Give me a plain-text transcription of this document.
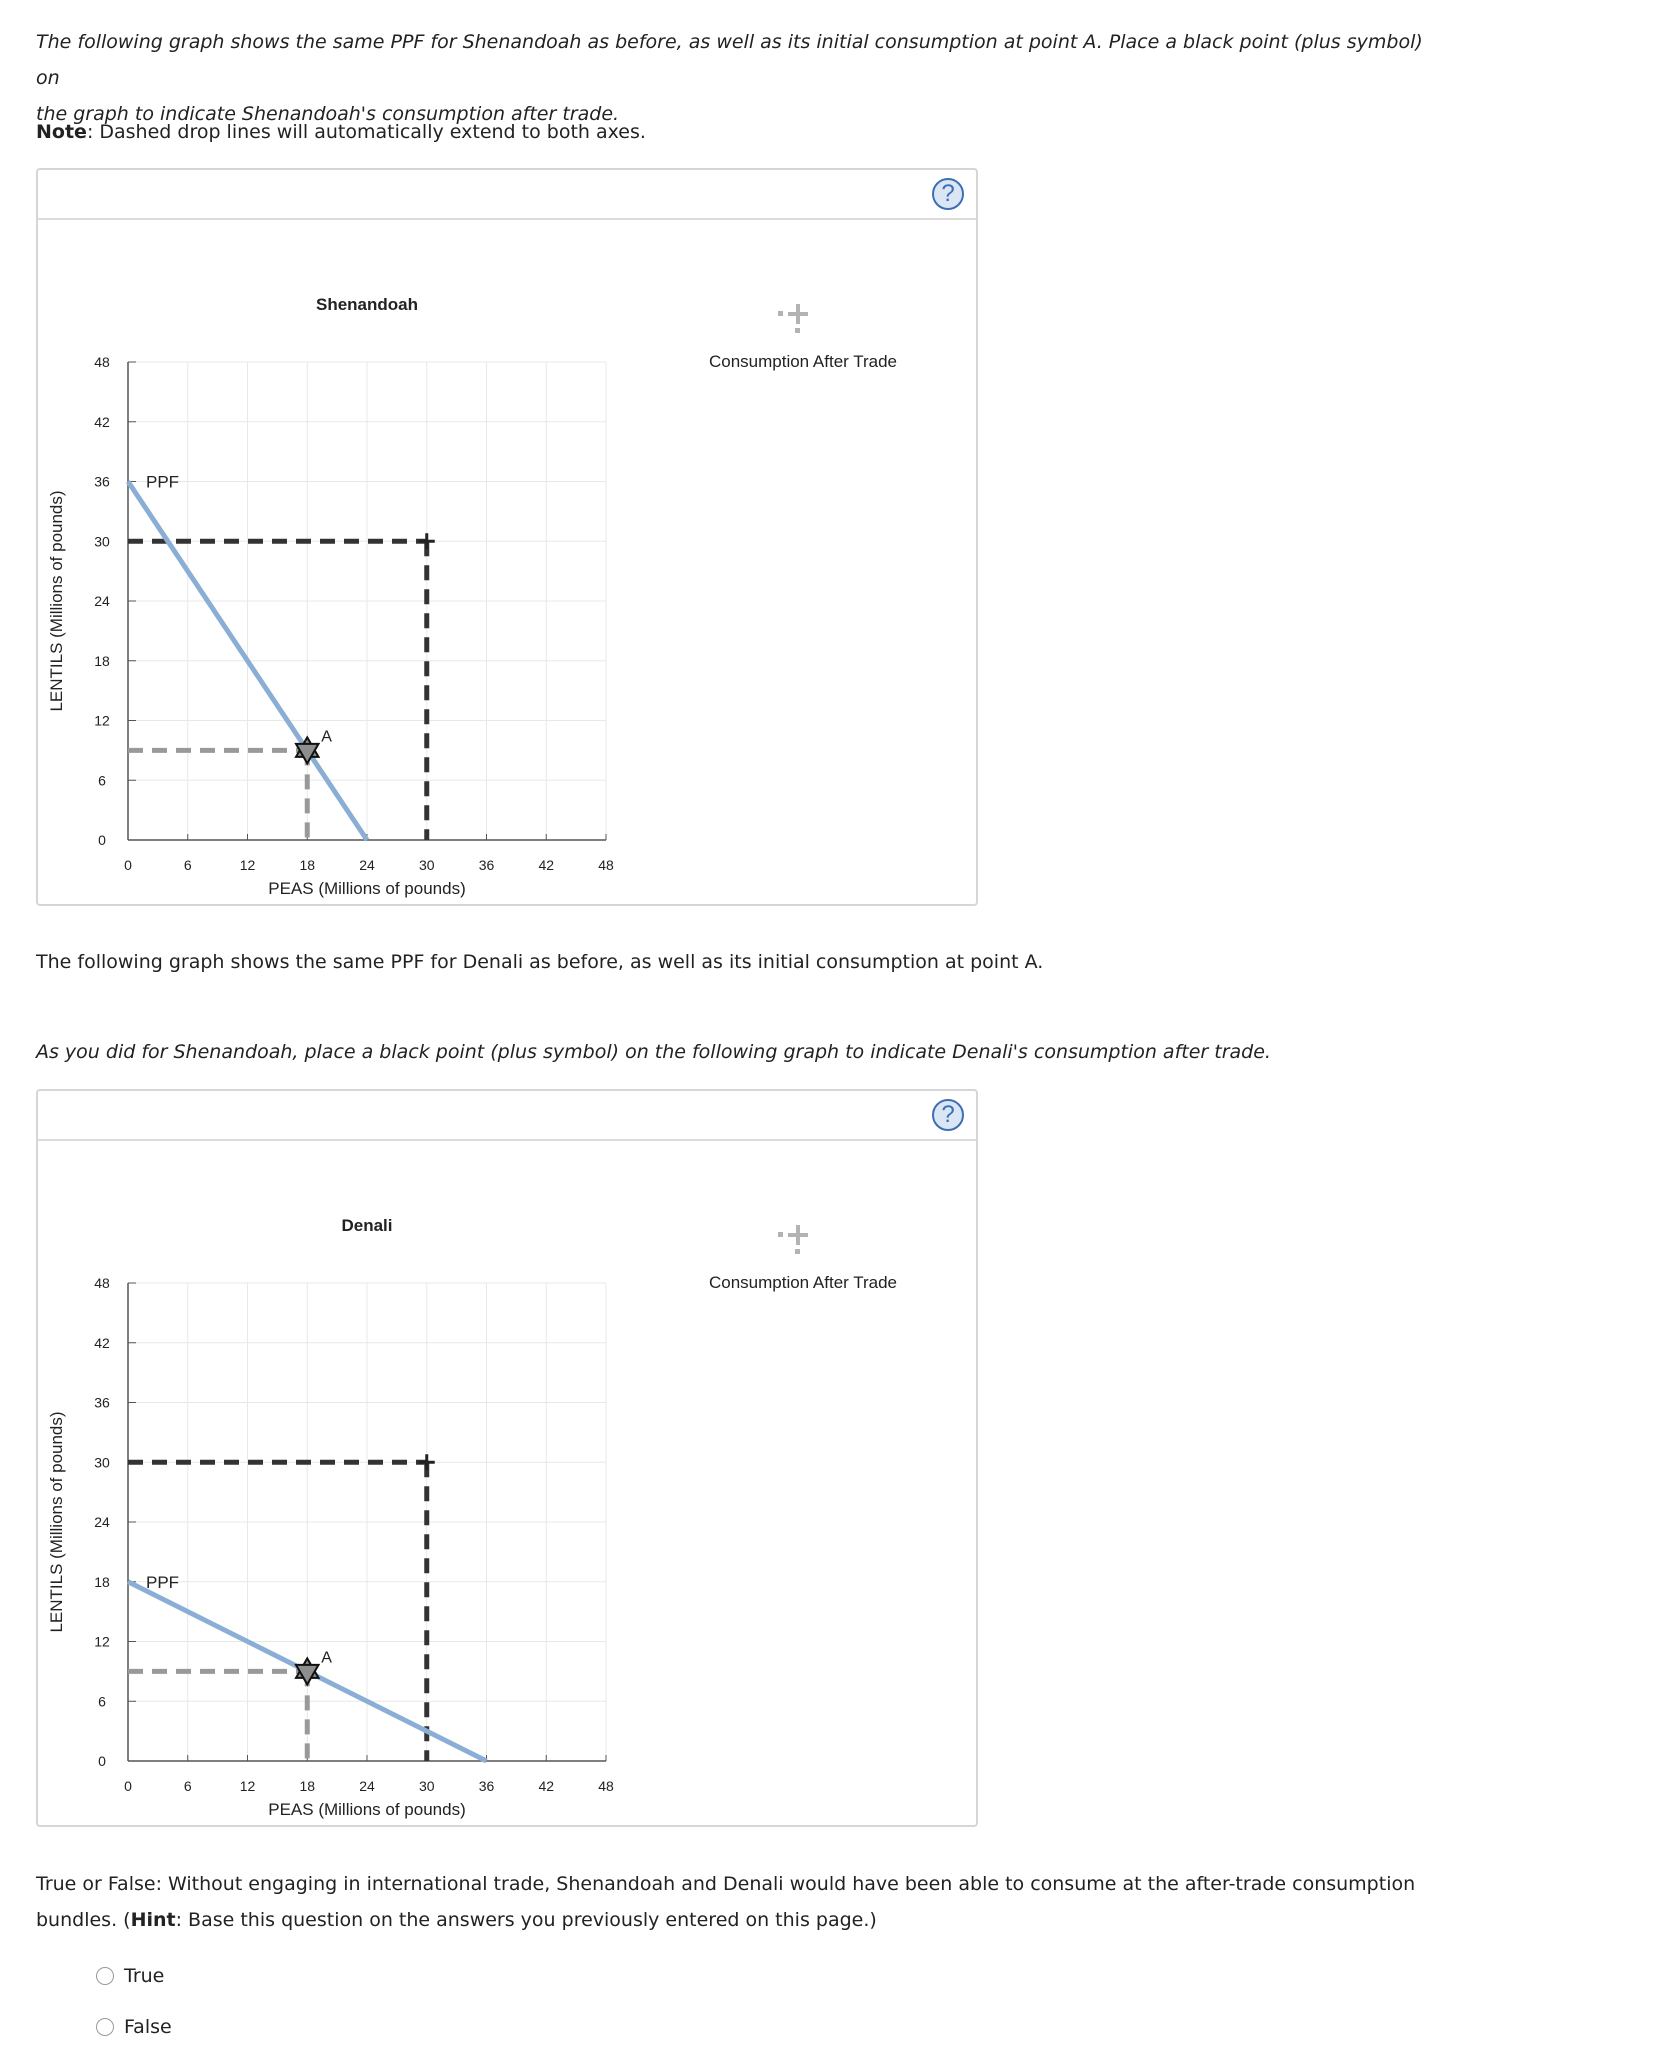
The following graph shows the same PPF for Shenandoah as before, as well as its initial consumption at point A. Place a black point (plus symbol) on
the graph to indicate Shenandoah's consumption after trade.

Note: Dashed drop lines will automatically extend to both axes.

?
Shenandoah
0	6	12	18	24	30	36	42	48
0
6
12
18
24
30
36
42
48
PEAS (Millions of pounds)
LENTILS (Millions of pounds)
PPF
A
Consumption After Trade

The following graph shows the same PPF for Denali as before, as well as its initial consumption at point A.

As you did for Shenandoah, place a black point (plus symbol) on the following graph to indicate Denali's consumption after trade.

?
Denali
0	6	12	18	24	30	36	42	48
0
6
12
18
24
30
36
42
48
PEAS (Millions of pounds)
LENTILS (Millions of pounds)	PPF
A
Consumption After Trade

True or False: Without engaging in international trade, Shenandoah and Denali would have been able to consume at the after-trade consumption
bundles. (Hint: Base this question on the answers you previously entered on this page.)

True
False
